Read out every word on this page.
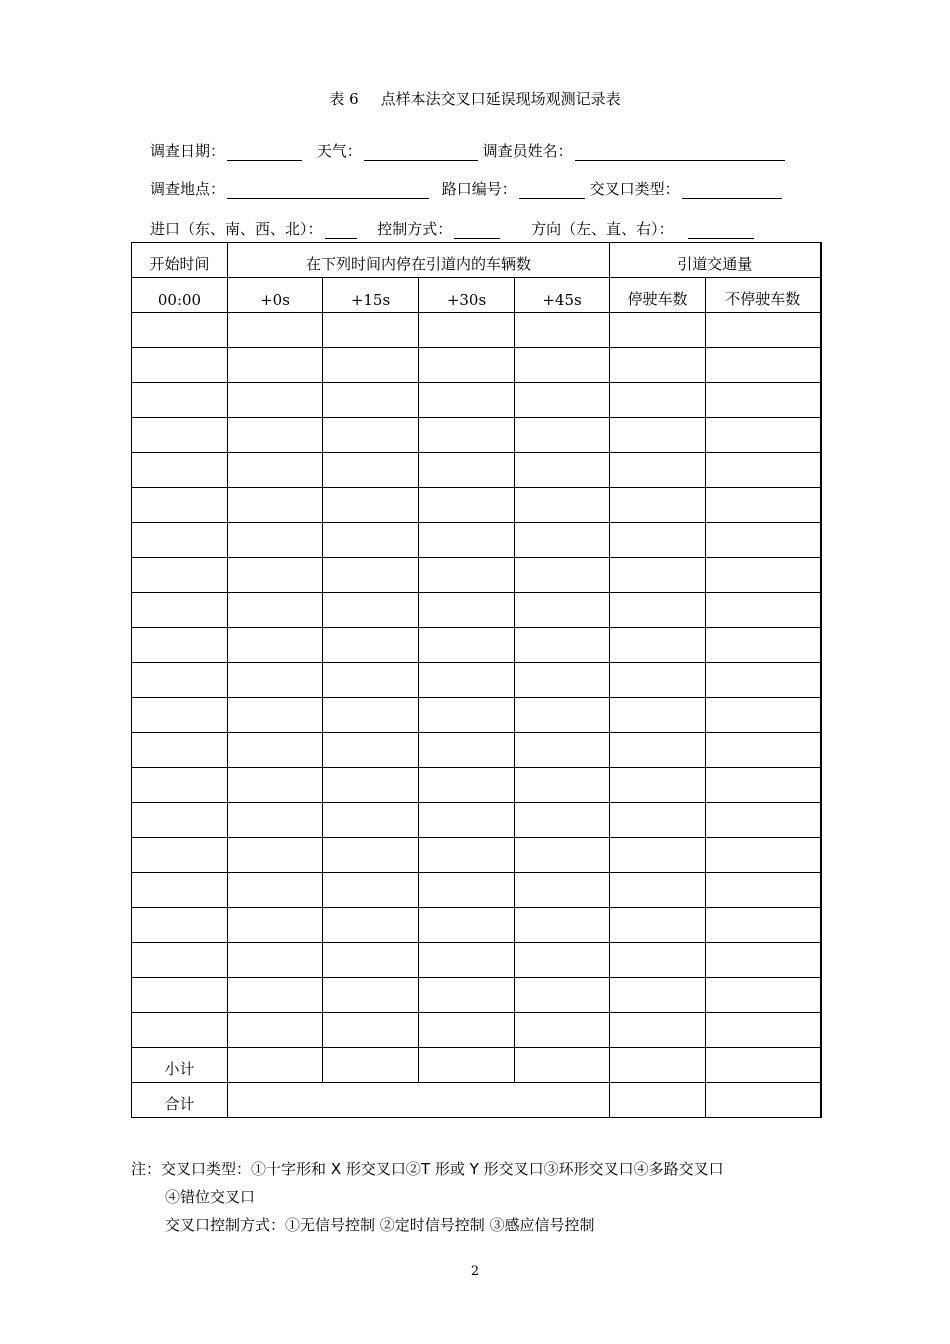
表 6 点样本法交叉口延误现场观测记录表
调查日期：	天气：	调查员姓名：
调查地点：	路口编号：	交叉口类型：
进口（东、南、西、北）：	控制方式：	方向（左、直、右）：
开始时间	在下列时间内停在引道内的车辆数				引道交通量	
00:00	+0s	+15s	+30s	+45s	停驶车数	不停驶车数

小计						
合计						
注：交叉口类型：①十字形和 X 形交叉口②T 形或 Y 形交叉口③环形交叉口④多路交叉口
④错位交叉口
交叉口控制方式：①无信号控制 ②定时信号控制 ③感应信号控制
2
